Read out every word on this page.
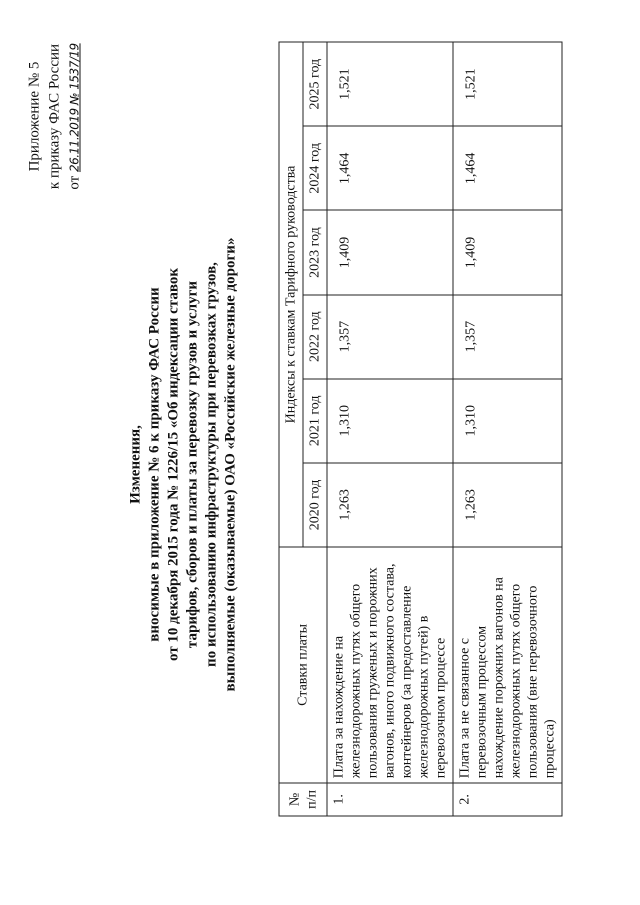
Приложение № 5 к приказу ФАС России от 26.11.2019 № 1537/19
Изменения, вносимые в приложение № 6 к приказу ФАС России от 10 декабря 2015 года № 1226/15 «Об индексации ставок тарифов, сборов и платы за перевозку грузов и услуги по использованию инфраструктуры при перевозках грузов, выполняемые (оказываемые) ОАО «Российские железные дороги»
№ п/п	Ставки платы	Индексы к ставкам Тарифного руководства					
		2020 год	2021 год	2022 год	2023 год	2024 год	2025 год
1.	Плата за нахождение на железнодорожных путях общего пользования груженых и порожних вагонов, иного подвижного состава, контейнеров (за предоставление железнодорожных путей) в перевозочном процессе	1,263	1,310	1,357	1,409	1,464	1,521
2.	Плата за не связанное с перевозочным процессом нахождение порожних вагонов на железнодорожных путях общего пользования (вне перевозочного процесса)	1,263	1,310	1,357	1,409	1,464	1,521
